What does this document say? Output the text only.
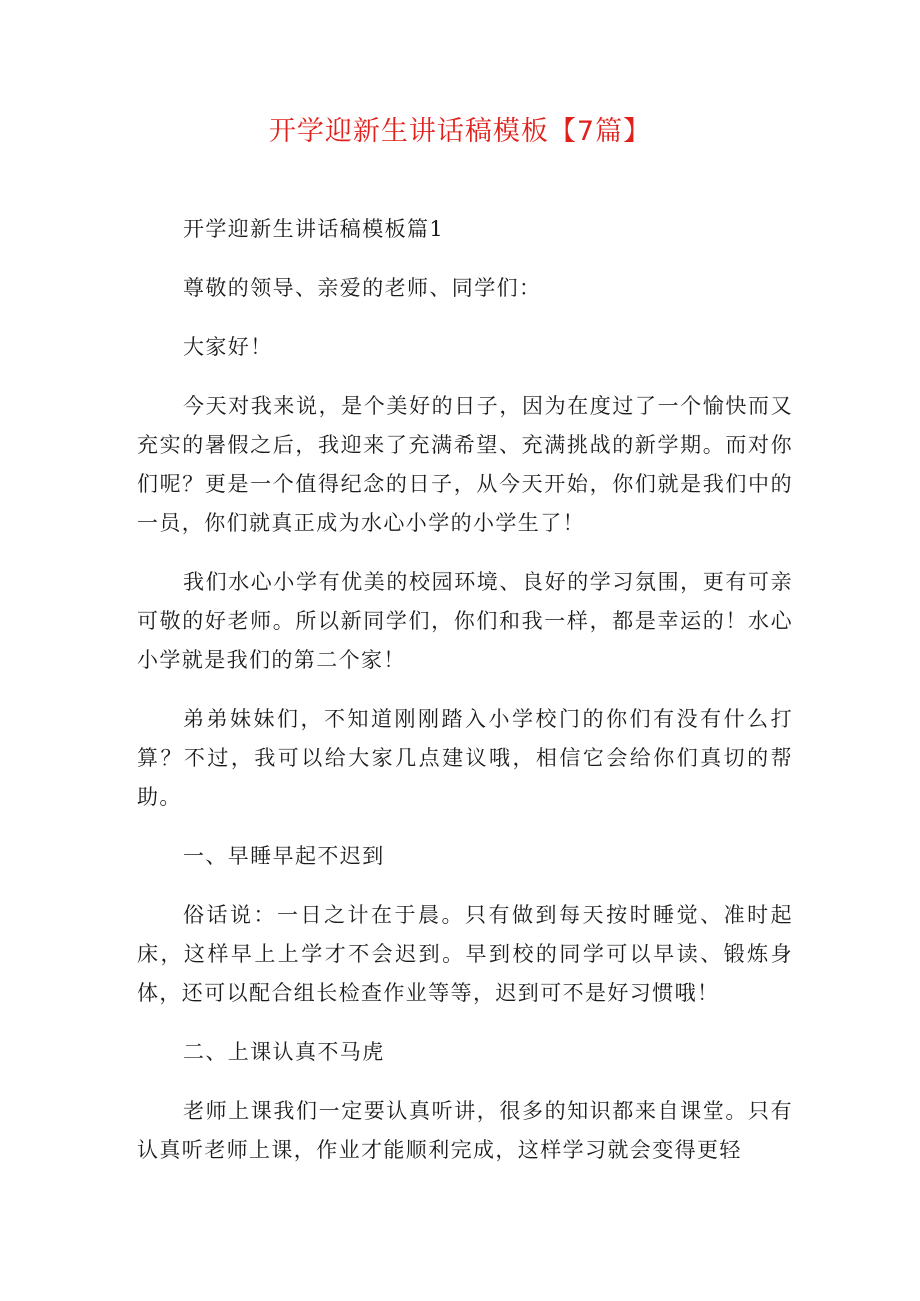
开学迎新生讲话稿模板【7篇】

开学迎新生讲话稿模板篇1

尊敬的领导、亲爱的老师、同学们：

大家好！

今天对我来说，是个美好的日子，因为在度过了一个愉快而又充实的暑假之后，我迎来了充满希望、充满挑战的新学期。而对你们呢？更是一个值得纪念的日子，从今天开始，你们就是我们中的一员，你们就真正成为水心小学的小学生了！

我们水心小学有优美的校园环境、良好的学习氛围，更有可亲可敬的好老师。所以新同学们，你们和我一样，都是幸运的！水心小学就是我们的第二个家！

弟弟妹妹们，不知道刚刚踏入小学校门的你们有没有什么打算？不过，我可以给大家几点建议哦，相信它会给你们真切的帮助。

一、早睡早起不迟到

俗话说：一日之计在于晨。只有做到每天按时睡觉、准时起床，这样早上上学才不会迟到。早到校的同学可以早读、锻炼身体，还可以配合组长检查作业等等，迟到可不是好习惯哦！

二、上课认真不马虎

老师上课我们一定要认真听讲，很多的知识都来自课堂。只有认真听老师上课，作业才能顺利完成，这样学习就会变得更轻
